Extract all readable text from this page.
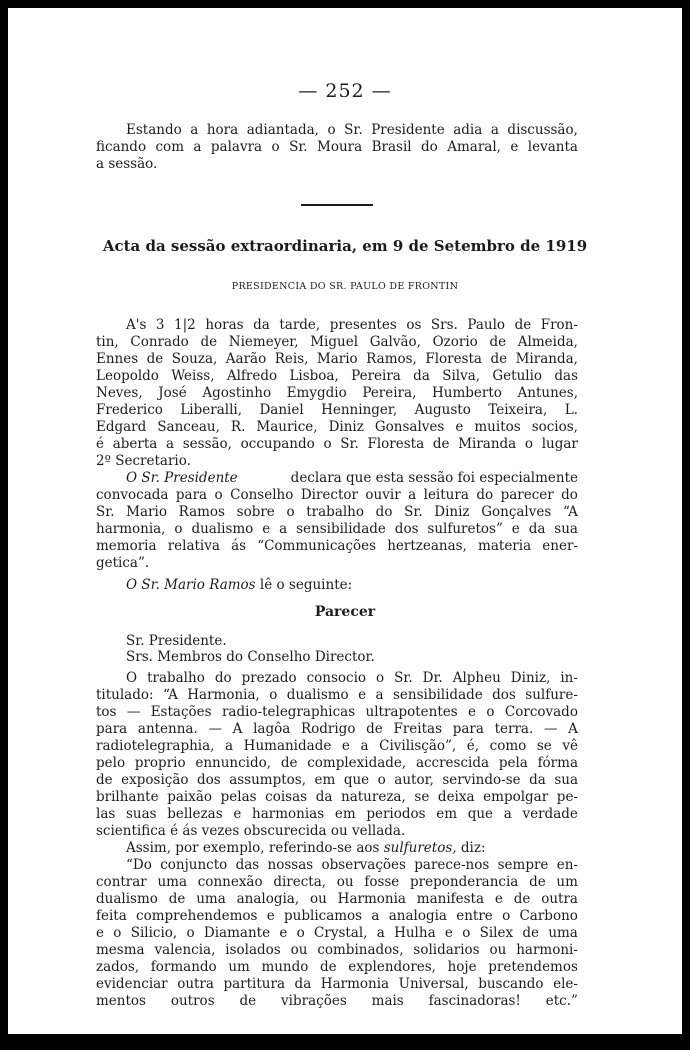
— 252 —
Estando a hora adiantada, o Sr. Presidente adia a discussão,
ficando com a palavra o Sr. Moura Brasil do Amaral, e levanta
a sessão.
Acta da sessão extraordinaria, em 9 de Setembro de 1919
PRESIDENCIA DO SR. PAULO DE FRONTIN
A's 3 1|2 horas da tarde, presentes os Srs. Paulo de Fron-
tin, Conrado de Niemeyer, Miguel Galvão, Ozorio de Almeida,
Ennes de Souza, Aarão Reis, Mario Ramos, Floresta de Miranda,
Leopoldo Weiss, Alfredo Lisboa, Pereira da Silva, Getulio das
Neves, José Agostinho Emygdio Pereira, Humberto Antunes,
Frederico Liberalli, Daniel Henninger, Augusto Teixeira, L.
Edgard Sanceau, R. Maurice, Diniz Gonsalves e muitos socios,
é aberta a sessão, occupando o Sr. Floresta de Miranda o lugar
2º Secretario.
O Sr. Presidente	declara que esta sessão foi especialmente
convocada para o Conselho Director ouvir a leitura do parecer do
Sr. Mario Ramos sobre o trabalho do Sr. Diniz Gonçalves “A
harmonia, o dualismo e a sensibilidade dos sulfuretos” e da sua
memoria relativa ás “Communicações hertzeanas, materia ener-
getica”.
O Sr. Mario Ramos lê o seguinte:
Parecer
Sr. Presidente.
Srs. Membros do Conselho Director.
O trabalho do prezado consocio o Sr. Dr. Alpheu Diniz, in-
titulado: “A Harmonia, o dualismo e a sensibilidade dos sulfure-
tos — Estações radio-telegraphicas ultrapotentes e o Corcovado
para antenna. — A lagôa Rodrigo de Freitas para terra. — A
radiotelegraphia, a Humanidade e a Civilisção”, é, como se vê
pelo proprio ennuncido, de complexidade, accrescida pela fórma
de exposição dos assumptos, em que o autor, servindo-se da sua
brilhante paixão pelas coisas da natureza, se deixa empolgar pe-
las suas bellezas e harmonias em periodos em que a verdade
scientifica é ás vezes obscurecida ou vellada.
Assim, por exemplo, referindo-se aos sulfuretos, diz:
“Do conjuncto das nossas observações parece-nos sempre en-
contrar uma connexão directa, ou fosse preponderancia de um
dualismo de uma analogia, ou Harmonia manifesta e de outra
feita comprehendemos e publicamos a analogia entre o Carbono
e o Silicio, o Diamante e o Crystal, a Hulha e o Silex de uma
mesma valencia, isolados ou combinados, solidarios ou harmoni-
zados, formando um mundo de explendores, hoje pretendemos
evidenciar outra partitura da Harmonia Universal, buscando ele-
mentos outros de vibrações mais fascinadoras! etc.”
